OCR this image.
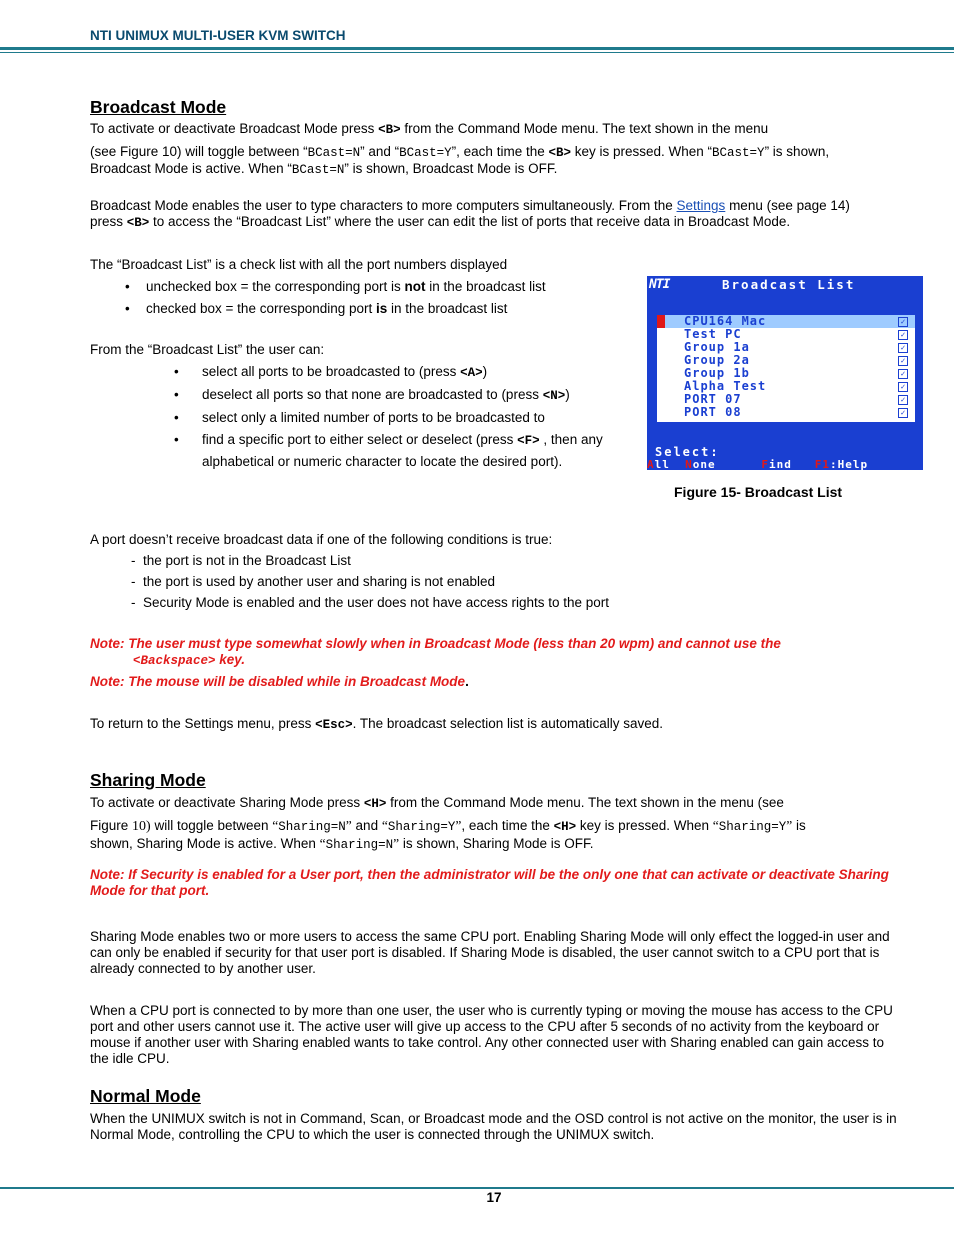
NTI UNIMUX MULTI-USER KVM SWITCH
Broadcast Mode

To activate or deactivate Broadcast Mode press <B> from the Command Mode menu. The text shown in the menu

(see Figure 10) will toggle between “BCast=N” and “BCast=Y”, each time the <B> key is pressed. When “BCast=Y” is shown,

Broadcast Mode is active. When “BCast=N” is shown, Broadcast Mode is OFF.

Broadcast Mode enables the user to type characters to more computers simultaneously. From the Settings menu (see page 14)

press <B> to access the “Broadcast List” where the user can edit the list of ports that receive data in Broadcast Mode.

The “Broadcast List” is a check list with all the port numbers displayed

• unchecked box = the corresponding port is not in the broadcast list
• checked box = the corresponding port is in the broadcast list

From the “Broadcast List” the user can:

• select all ports to be broadcasted to (press <A>)
• deselect all ports so that none are broadcasted to (press <N>)
• select only a limited number of ports to be broadcasted to
• find a specific port to either select or deselect (press <F> , then any
alphabetical or numeric character to locate the desired port).
NTI	Broadcast List
CPU164 Mac	✓
Test PC	✓
Group 1a	✓
Group 2a	✓
Group 1b	✓
Alpha Test	✓
PORT 07	✓
PORT 08	✓
Select:
All  None      Find   F1:Help
Figure 15- Broadcast List

A port doesn’t receive broadcast data if one of the following conditions is true:

-  the port is not in the Broadcast List
-  the port is used by another user and sharing is not enabled
-  Security Mode is enabled and the user does not have access rights to the port

Note: The user must type somewhat slowly when in Broadcast Mode (less than 20 wpm) and cannot use the
<Backspace> key.

Note: The mouse will be disabled while in Broadcast Mode.

To return to the Settings menu, press <Esc>. The broadcast selection list is automatically saved.

Sharing Mode

To activate or deactivate Sharing Mode press <H> from the Command Mode menu. The text shown in the menu (see

Figure 10) will toggle between “Sharing=N” and “Sharing=Y”, each time the <H> key is pressed. When “Sharing=Y” is

shown, Sharing Mode is active. When “Sharing=N” is shown, Sharing Mode is OFF.

Note: If Security is enabled for a User port, then the administrator will be the only one that can activate or deactivate Sharing Mode for that port.

Sharing Mode enables two or more users to access the same CPU port. Enabling Sharing Mode will only effect the logged-in user and can only be enabled if security for that user port is disabled. If Sharing Mode is disabled, the user cannot switch to a CPU port that is already connected to by another user.

When a CPU port is connected to by more than one user, the user who is currently typing or moving the mouse has access to the CPU port and other users cannot use it. The active user will give up access to the CPU after 5 seconds of no activity from the keyboard or mouse if another user with Sharing enabled wants to take control. Any other connected user with Sharing enabled can gain access to the idle CPU.

Normal Mode

When the UNIMUX switch is not in Command, Scan, or Broadcast mode and the OSD control is not active on the monitor, the user is in Normal Mode, controlling the CPU to which the user is connected through the UNIMUX switch.

17
